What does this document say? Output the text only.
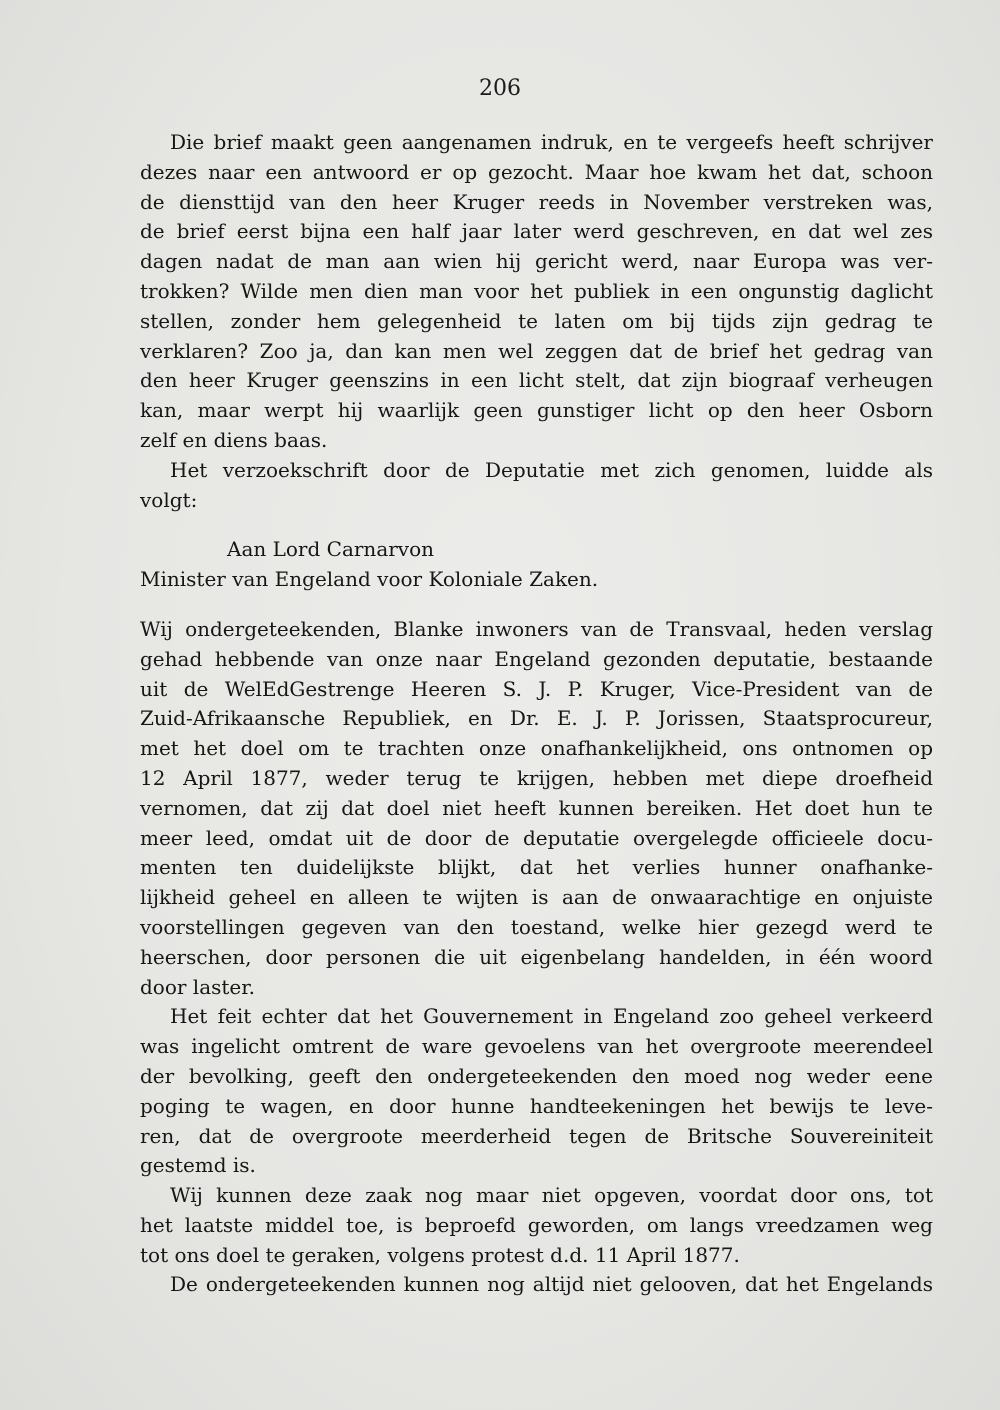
206
Die brief maakt geen aangenamen indruk, en te vergeefs heeft schrijver
dezes naar een antwoord er op gezocht. Maar hoe kwam het dat, schoon
de diensttijd van den heer Kruger reeds in November verstreken was,
de brief eerst bijna een half jaar later werd geschreven, en dat wel zes
dagen nadat de man aan wien hij gericht werd, naar Europa was ver-
trokken? Wilde men dien man voor het publiek in een ongunstig daglicht
stellen, zonder hem gelegenheid te laten om bij tijds zijn gedrag te
verklaren? Zoo ja, dan kan men wel zeggen dat de brief het gedrag van
den heer Kruger geenszins in een licht stelt, dat zijn biograaf verheugen
kan, maar werpt hij waarlijk geen gunstiger licht op den heer Osborn
zelf en diens baas.
Het verzoekschrift door de Deputatie met zich genomen, luidde als
volgt:
Aan Lord Carnarvon
Minister van Engeland voor Koloniale Zaken.
Wij ondergeteekenden, Blanke inwoners van de Transvaal, heden verslag
gehad hebbende van onze naar Engeland gezonden deputatie, bestaande
uit de WelEdGestrenge Heeren S. J. P. Kruger, Vice-President van de
Zuid-Afrikaansche Republiek, en Dr. E. J. P. Jorissen, Staatsprocureur,
met het doel om te trachten onze onafhankelijkheid, ons ontnomen op
12 April 1877, weder terug te krijgen, hebben met diepe droefheid
vernomen, dat zij dat doel niet heeft kunnen bereiken. Het doet hun te
meer leed, omdat uit de door de deputatie overgelegde officieele docu-
menten ten duidelijkste blijkt, dat het verlies hunner onafhanke-
lijkheid geheel en alleen te wijten is aan de onwaarachtige en onjuiste
voorstellingen gegeven van den toestand, welke hier gezegd werd te
heerschen, door personen die uit eigenbelang handelden, in één woord
door laster.
Het feit echter dat het Gouvernement in Engeland zoo geheel verkeerd
was ingelicht omtrent de ware gevoelens van het overgroote meerendeel
der bevolking, geeft den ondergeteekenden den moed nog weder eene
poging te wagen, en door hunne handteekeningen het bewijs te leve-
ren, dat de overgroote meerderheid tegen de Britsche Souvereiniteit
gestemd is.
Wij kunnen deze zaak nog maar niet opgeven, voordat door ons, tot
het laatste middel toe, is beproefd geworden, om langs vreedzamen weg
tot ons doel te geraken, volgens protest d.d. 11 April 1877.
De ondergeteekenden kunnen nog altijd niet gelooven, dat het Engelands
